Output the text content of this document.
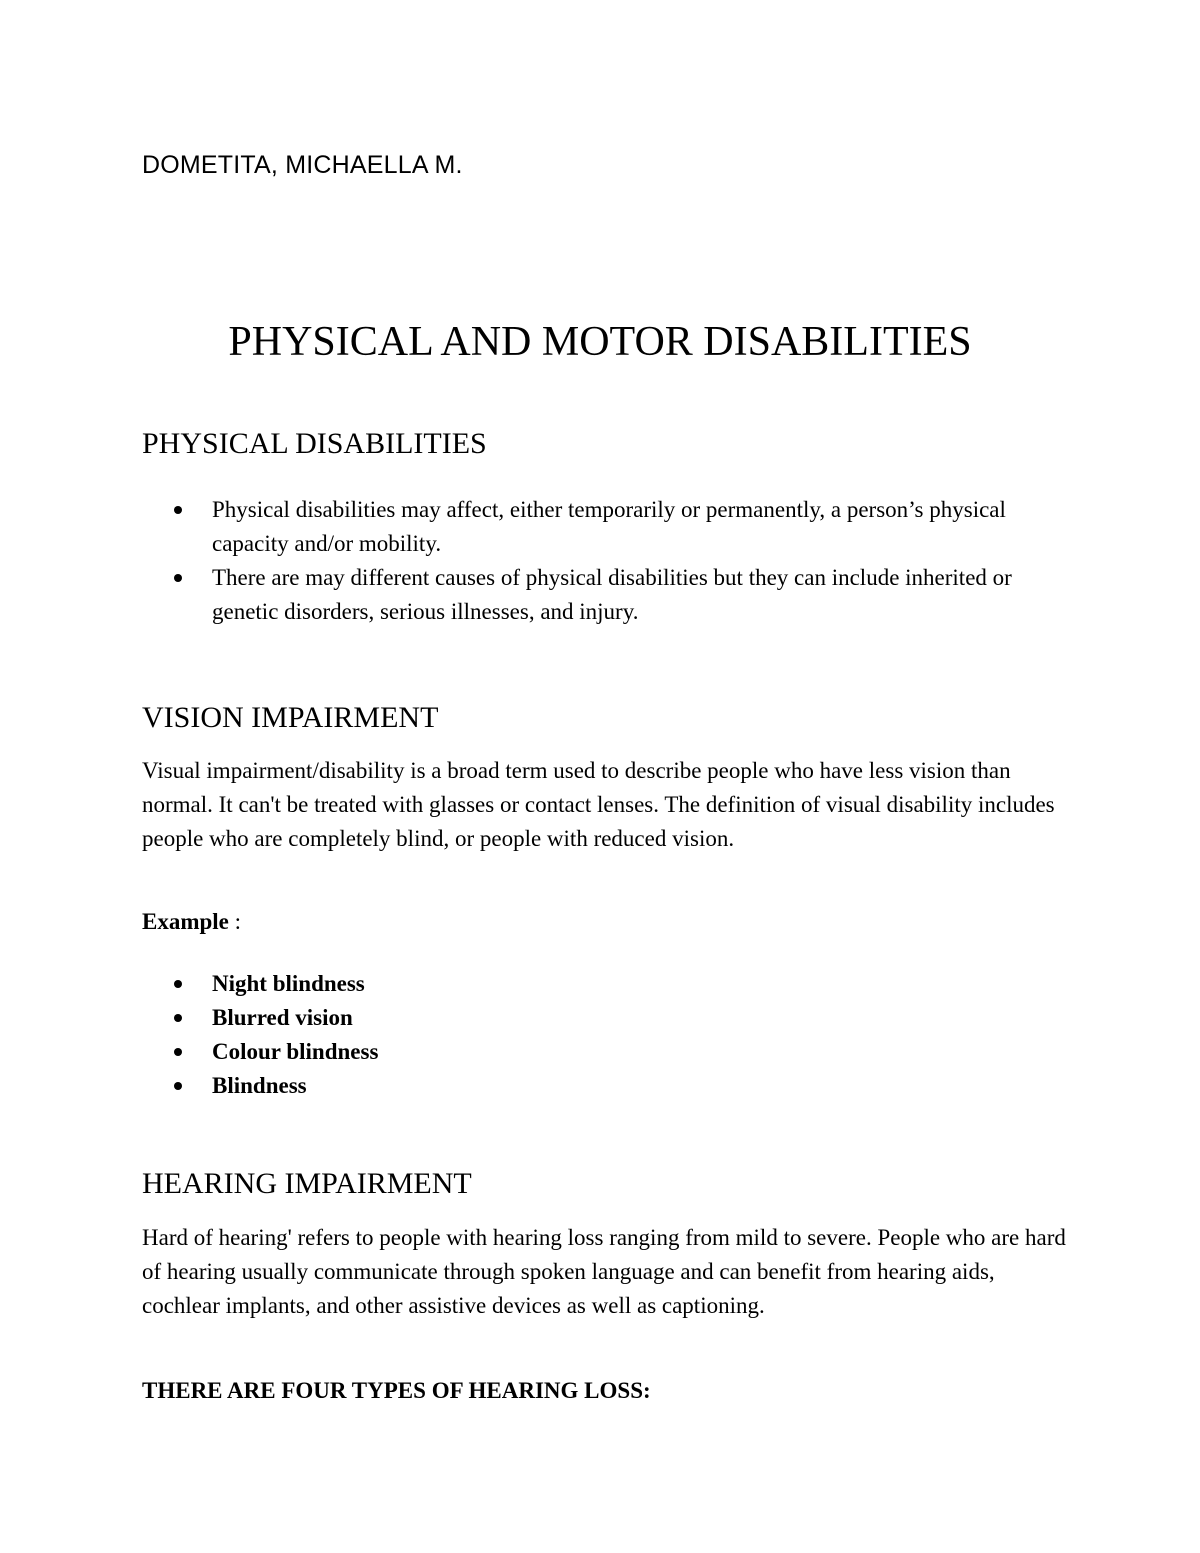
DOMETITA, MICHAELLA M.
PHYSICAL AND MOTOR DISABILITIES
PHYSICAL DISABILITIES
Physical disabilities may affect, either temporarily or permanently, a person’s physical capacity and/or mobility.
There are may different causes of physical disabilities but they can include inherited or genetic disorders, serious illnesses, and injury.
VISION IMPAIRMENT
Visual impairment/disability is a broad term used to describe people who have less vision than normal. It can't be treated with glasses or contact lenses. The definition of visual disability includes people who are completely blind, or people with reduced vision.
Example :
Night blindness
Blurred vision
Colour blindness
Blindness
HEARING IMPAIRMENT
Hard of hearing' refers to people with hearing loss ranging from mild to severe. People who are hard of hearing usually communicate through spoken language and can benefit from hearing aids, cochlear implants, and other assistive devices as well as captioning.
THERE ARE FOUR TYPES OF HEARING LOSS:
